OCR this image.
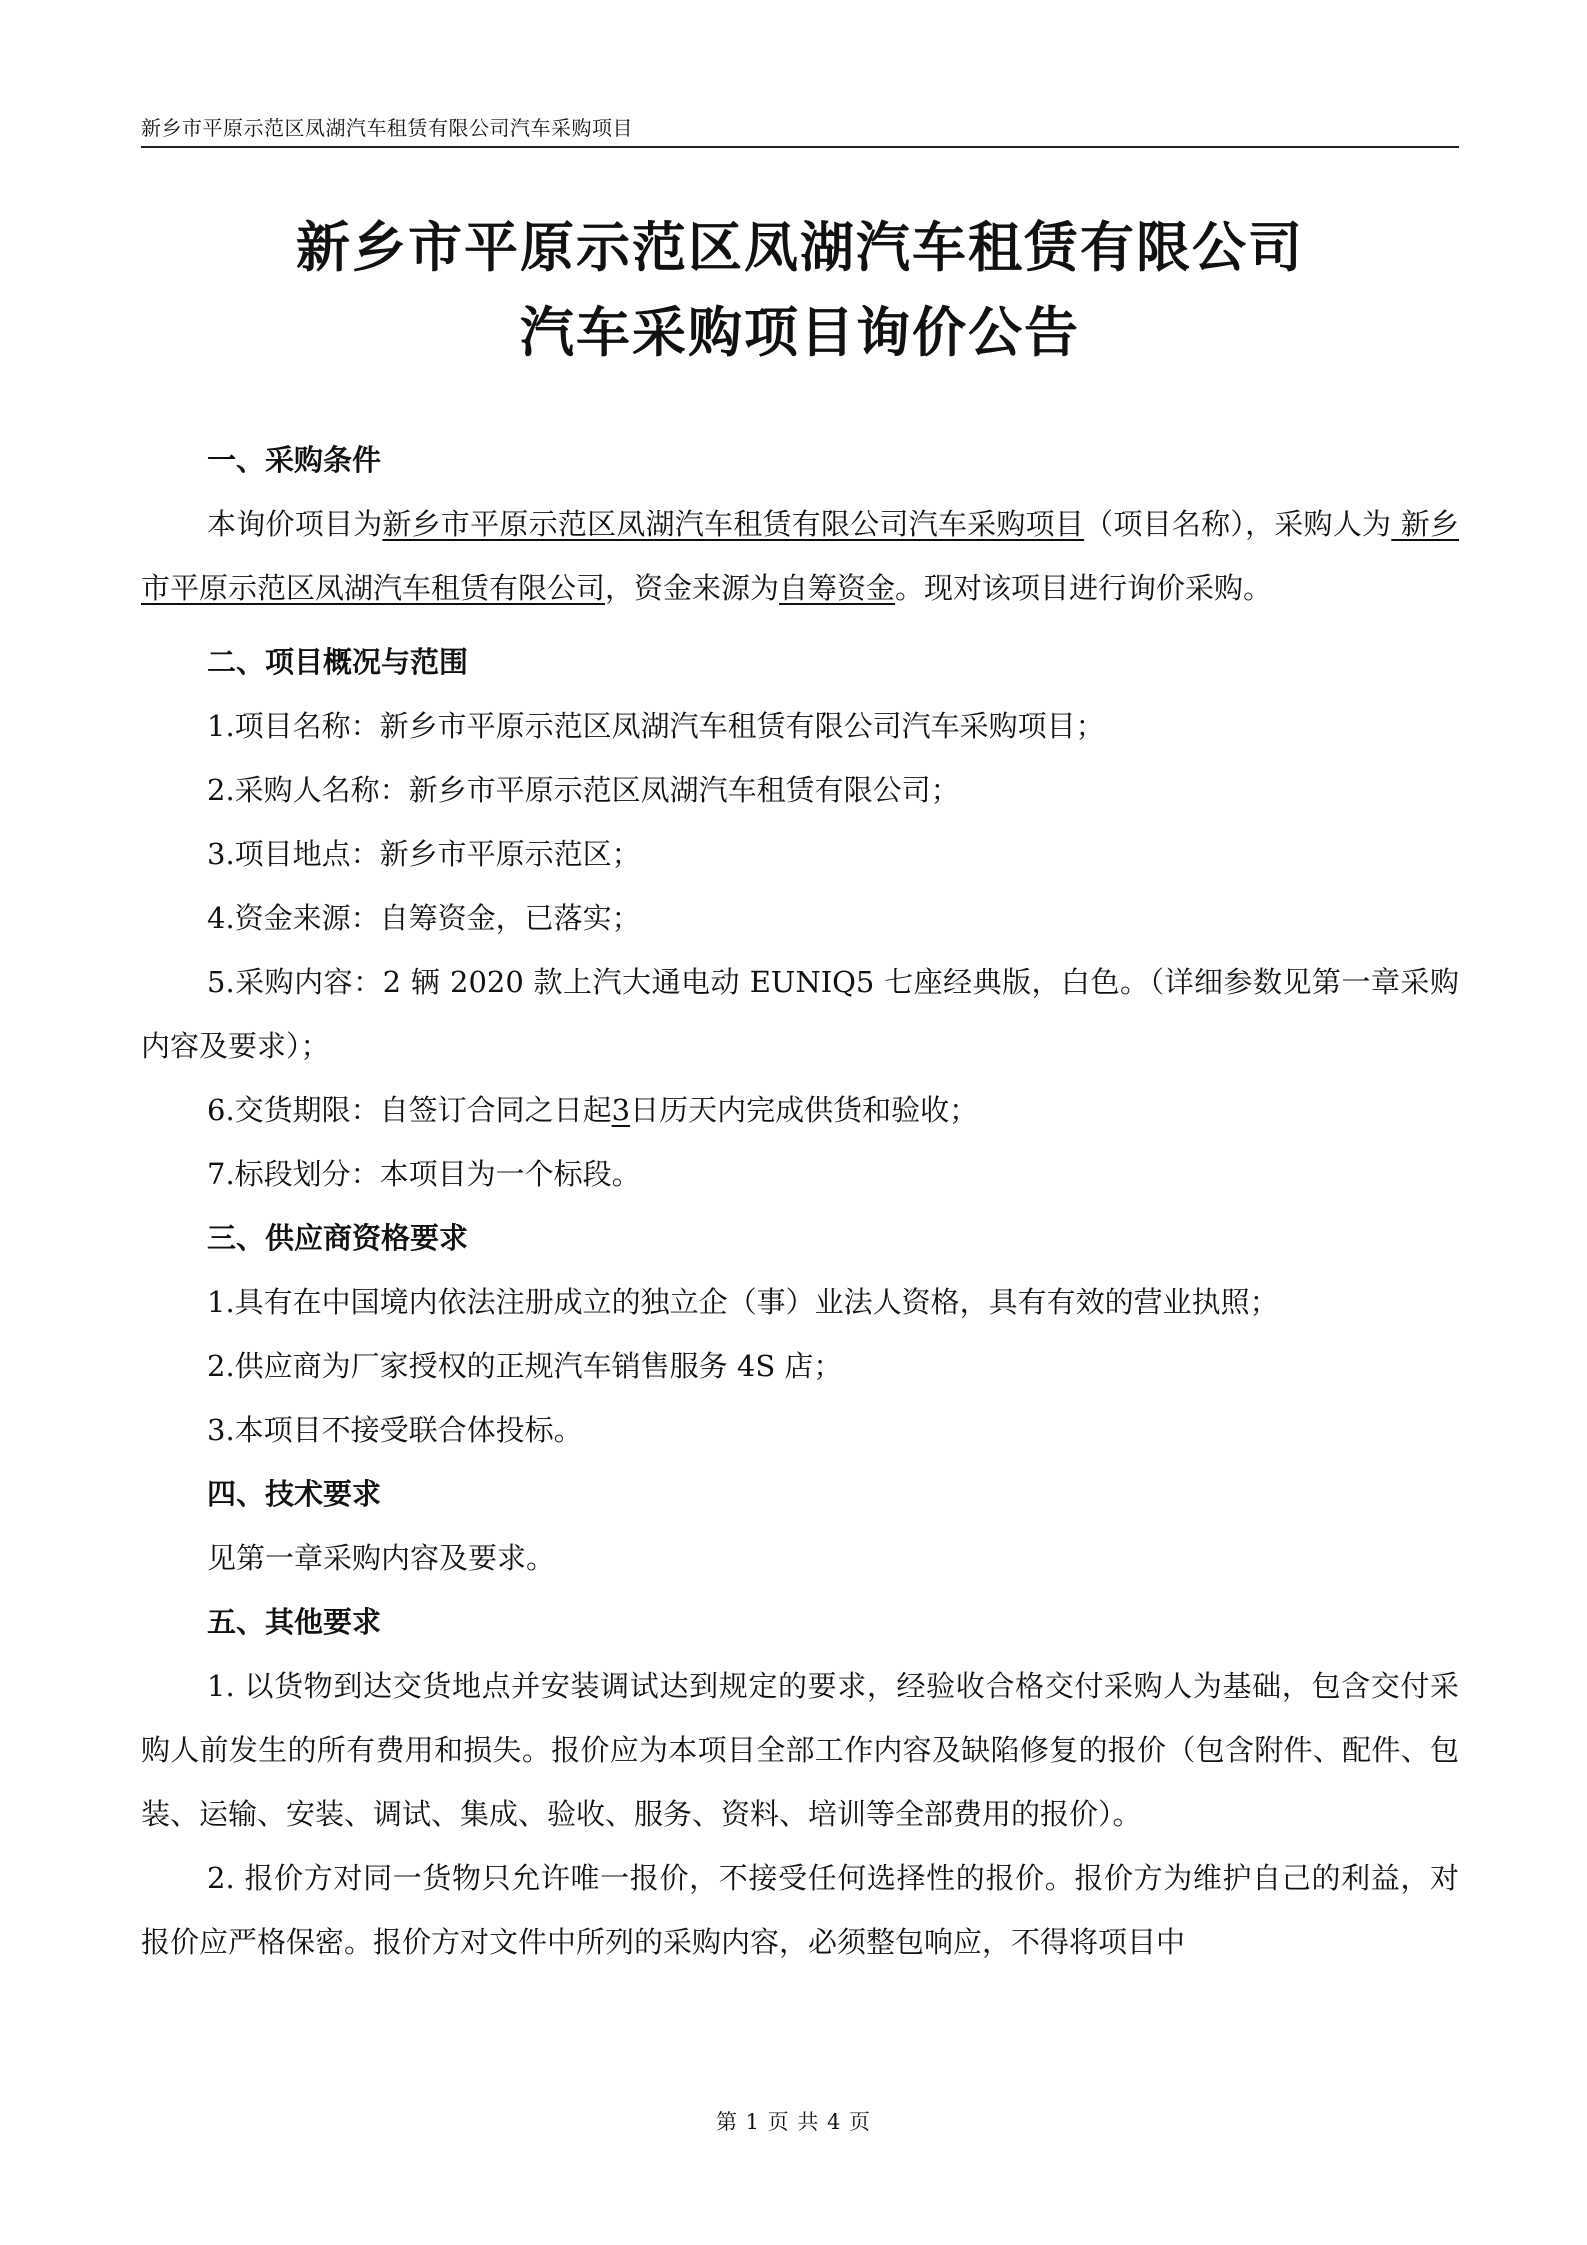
新乡市平原示范区凤湖汽车租赁有限公司汽车采购项目
新乡市平原示范区凤湖汽车租赁有限公司
汽车采购项目询价公告
一、采购条件
本询价项目为新乡市平原示范区凤湖汽车租赁有限公司汽车采购项目（项目名称），采购人为 新乡市平原示范区凤湖汽车租赁有限公司，资金来源为自筹资金。现对该项目进行询价采购。
二、项目概况与范围
1.项目名称：新乡市平原示范区凤湖汽车租赁有限公司汽车采购项目；
2.采购人名称：新乡市平原示范区凤湖汽车租赁有限公司；
3.项目地点：新乡市平原示范区；
4.资金来源：自筹资金，已落实；
5.采购内容：2 辆 2020 款上汽大通电动 EUNIQ5 七座经典版，白色。（详细参数见第一章采购内容及要求）；
6.交货期限：自签订合同之日起3日历天内完成供货和验收；
7.标段划分：本项目为一个标段。
三、供应商资格要求
1.具有在中国境内依法注册成立的独立企（事）业法人资格，具有有效的营业执照；
2.供应商为厂家授权的正规汽车销售服务 4S 店；
3.本项目不接受联合体投标。
四、技术要求
见第一章采购内容及要求。
五、其他要求
1. 以货物到达交货地点并安装调试达到规定的要求，经验收合格交付采购人为基础，包含交付采购人前发生的所有费用和损失。报价应为本项目全部工作内容及缺陷修复的报价（包含附件、配件、包装、运输、安装、调试、集成、验收、服务、资料、培训等全部费用的报价）。
2. 报价方对同一货物只允许唯一报价，不接受任何选择性的报价。报价方为维护自己的利益，对报价应严格保密。报价方对文件中所列的采购内容，必须整包响应，不得将项目中
第 1 页 共 4 页
